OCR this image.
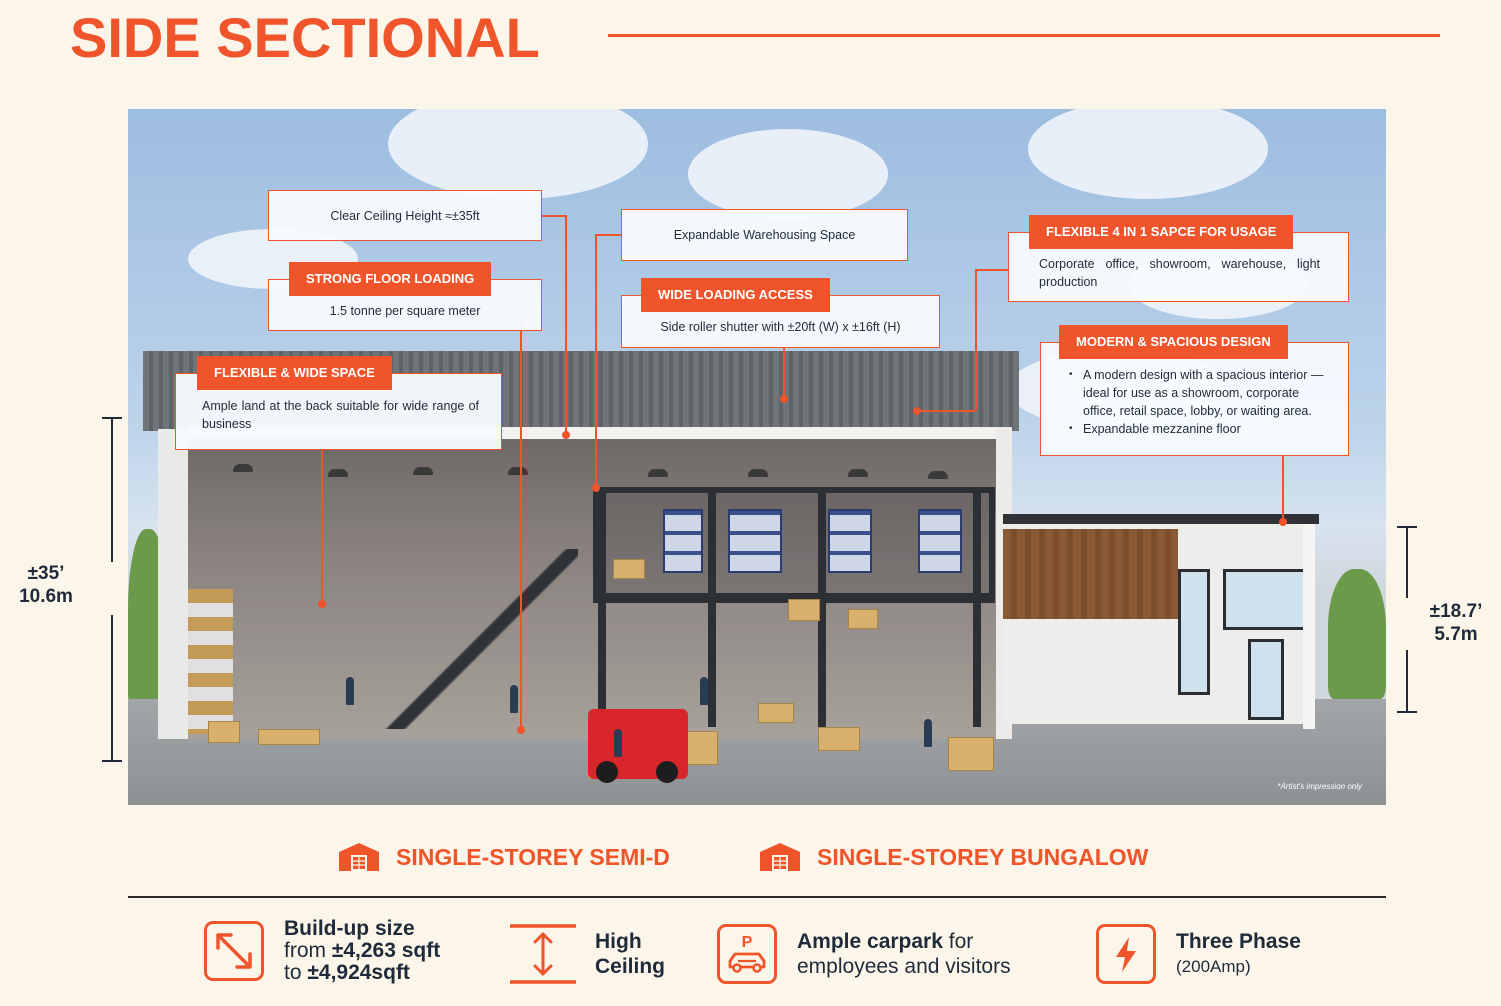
SIDE SECTIONAL
*Artist's impression only
Clear Ceiling Height ≈±35ft
STRONG FLOOR LOADING
1.5 tonne per square meter
FLEXIBLE & WIDE SPACE
Ample land at the back suitable for wide range of business
Expandable Warehousing Space
WIDE LOADING ACCESS
Side roller shutter with ±20ft (W) x ±16ft (H)
FLEXIBLE 4 IN 1 SAPCE FOR USAGE
Corporate office, showroom, warehouse, light production
MODERN & SPACIOUS DESIGN
• A modern design with a spacious interior — ideal for use as a showroom, corporate office, retail space, lobby, or waiting area.
• Expandable mezzanine floor
±35’
10.6m
±18.7’
5.7m
SINGLE-STOREY SEMI-D	SINGLE-STOREY BUNGALOW
Build-up size
from ±4,263 sqft
to ±4,924sqft
High
Ceiling
P Ample carpark for
employees and visitors
Three Phase
(200Amp)
